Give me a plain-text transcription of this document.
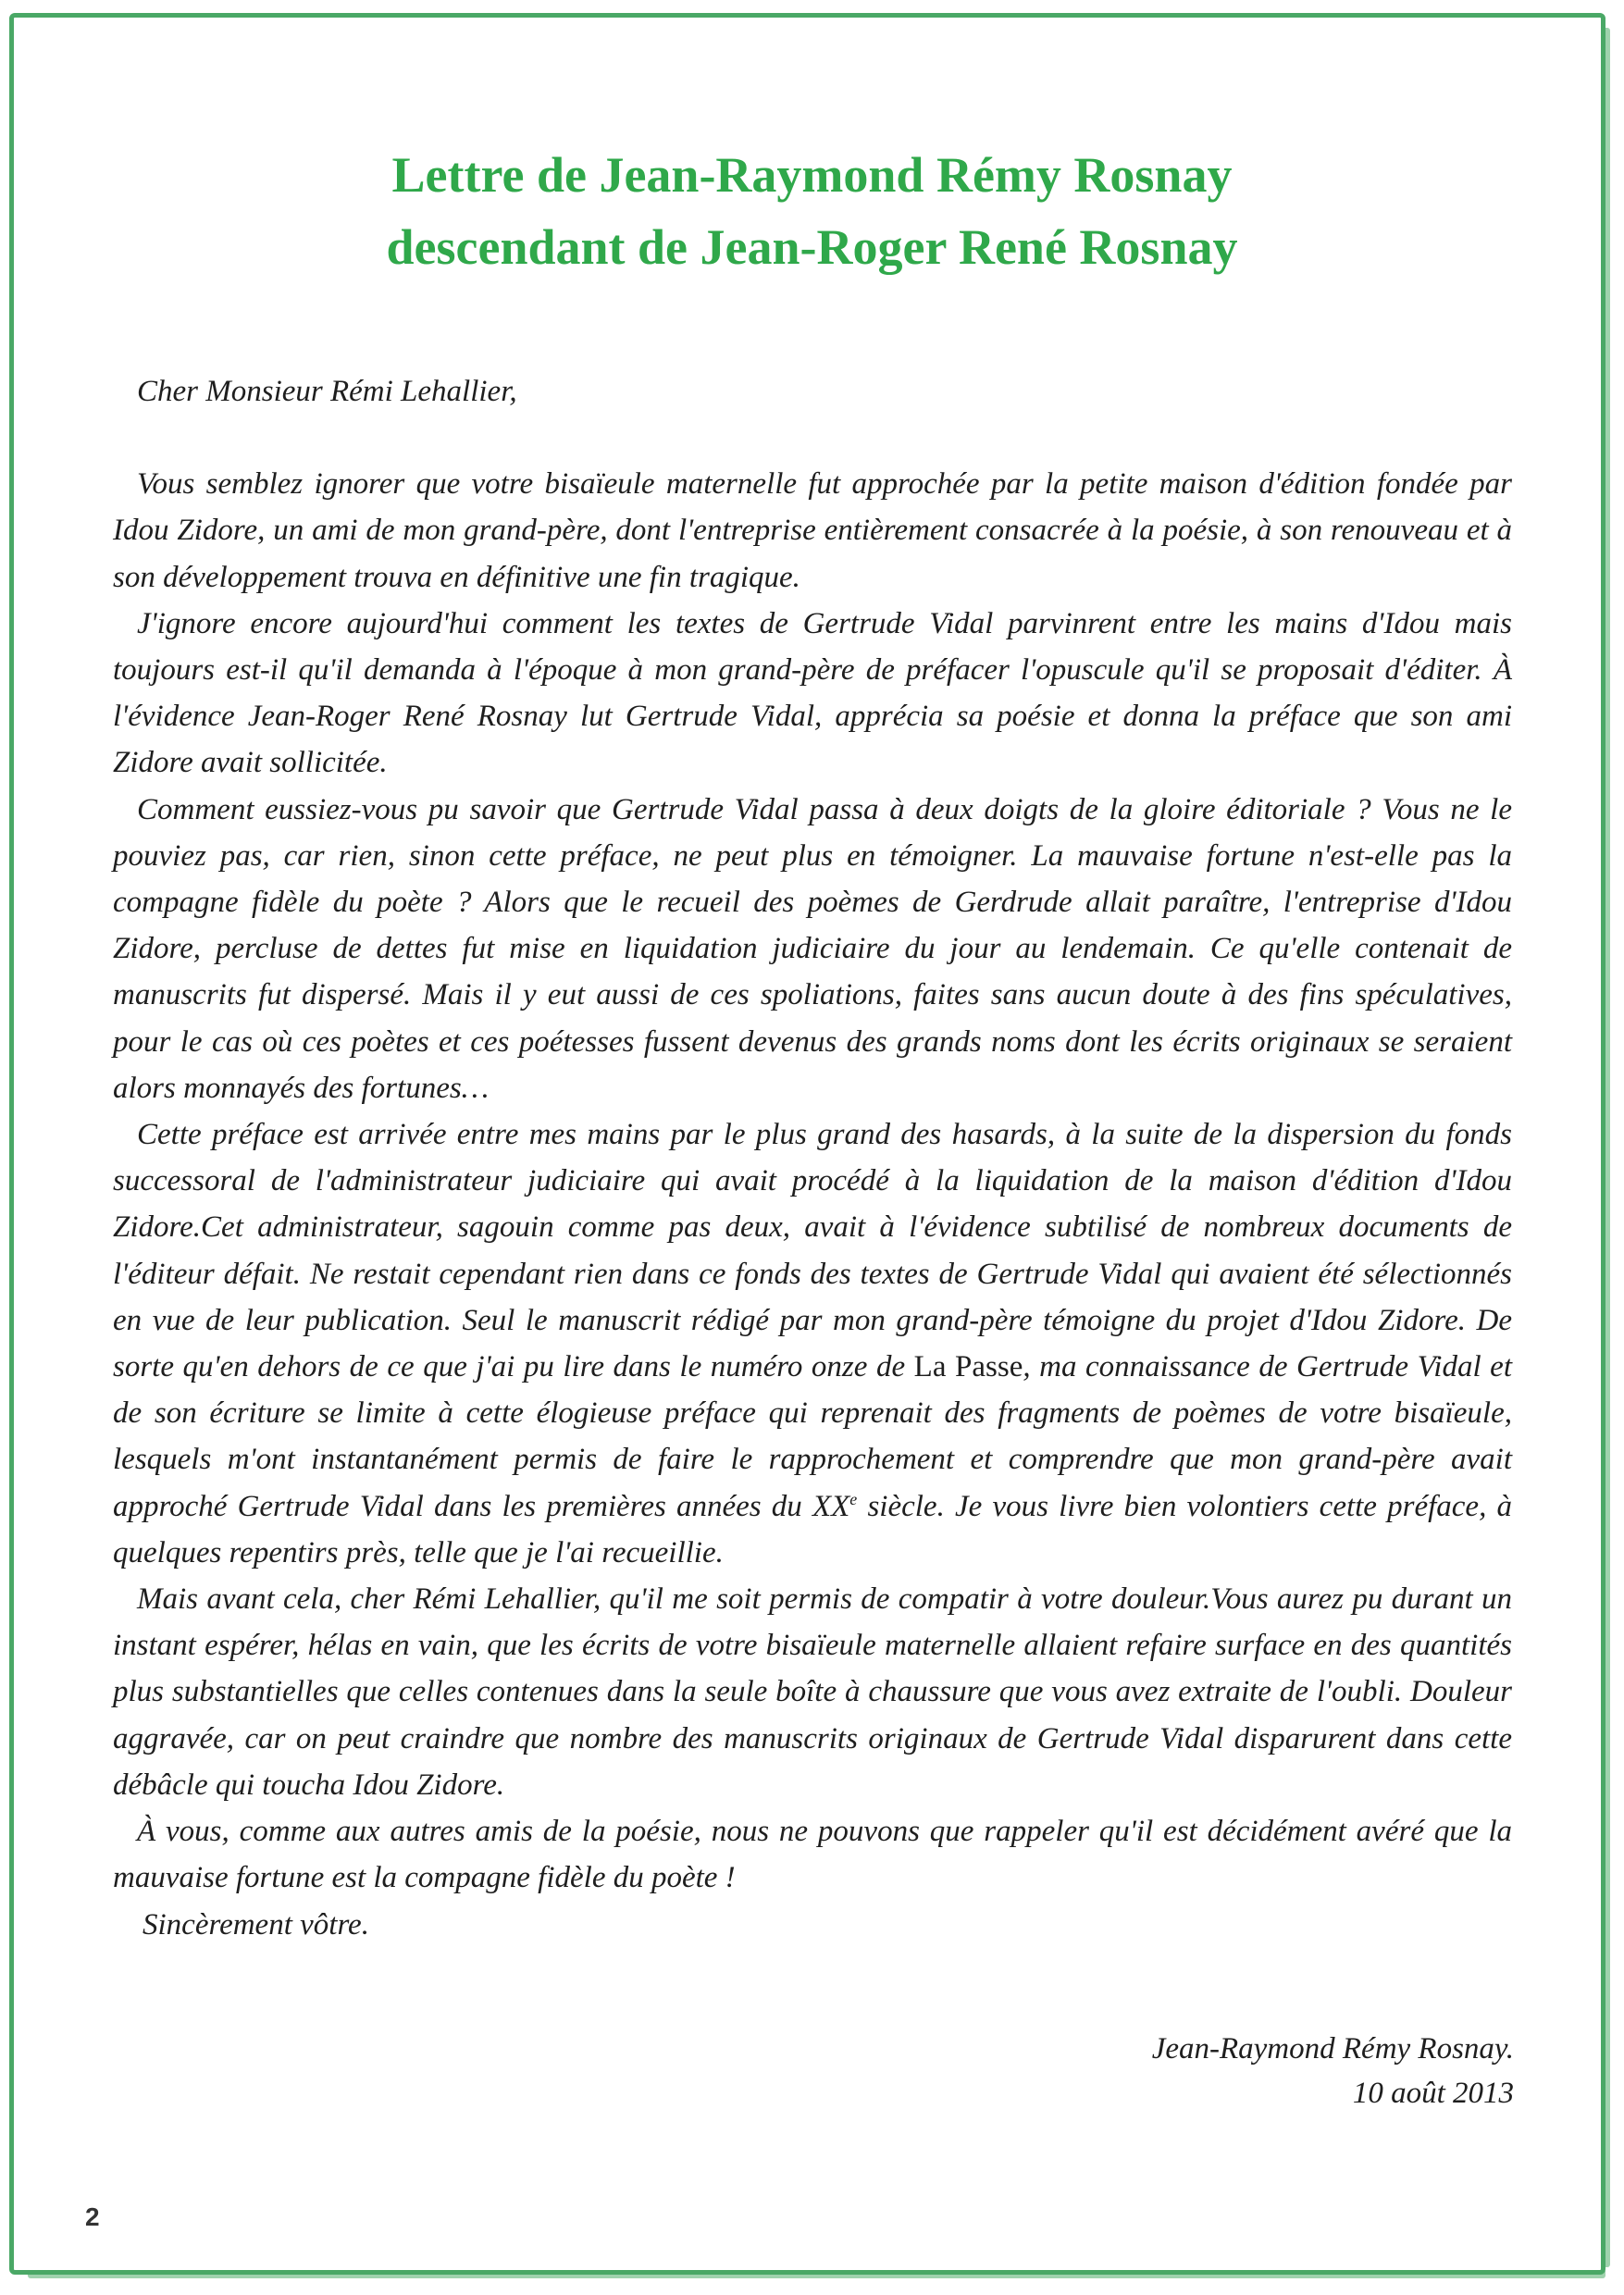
Lettre de Jean-Raymond Rémy Rosnay
descendant de Jean-Roger René Rosnay

Cher Monsieur Rémi Lehallier,

Vous semblez ignorer que votre bisaïeule maternelle fut approchée par la petite maison d'édition fondée par Idou Zidore, un ami de mon grand-père, dont l'entreprise entièrement consacrée à la poésie, à son renouveau et à son développement trouva en définitive une fin tragique.

J'ignore encore aujourd'hui comment les textes de Gertrude Vidal parvinrent entre les mains d'Idou mais toujours est-il qu'il demanda à l'époque à mon grand-père de préfacer l'opuscule qu'il se proposait d'éditer. À l'évidence Jean-Roger René Rosnay lut Gertrude Vidal, apprécia sa poésie et donna la préface que son ami Zidore avait sollicitée.

Comment eussiez-vous pu savoir que Gertrude Vidal passa à deux doigts de la gloire éditoriale ? Vous ne le pouviez pas, car rien, sinon cette préface, ne peut plus en témoigner. La mauvaise fortune n'est-elle pas la compagne fidèle du poète ? Alors que le recueil des poèmes de Gerdrude allait paraître, l'entreprise d'Idou Zidore, percluse de dettes fut mise en liquidation judiciaire du jour au lendemain. Ce qu'elle contenait de manuscrits fut dispersé. Mais il y eut aussi de ces spoliations, faites sans aucun doute à des fins spéculatives, pour le cas où ces poètes et ces poétesses fussent devenus des grands noms dont les écrits originaux se seraient alors monnayés des fortunes…

Cette préface est arrivée entre mes mains par le plus grand des hasards, à la suite de la dispersion du fonds successoral de l'administrateur judiciaire qui avait procédé à la liquidation de la maison d'édition d'Idou Zidore.Cet administrateur, sagouin comme pas deux, avait à l'évidence subtilisé de nombreux documents de l'éditeur défait. Ne restait cependant rien dans ce fonds des textes de Gertrude Vidal qui avaient été sélectionnés en vue de leur publication. Seul le manuscrit rédigé par mon grand-père témoigne du projet d'Idou Zidore. De sorte qu'en dehors de ce que j'ai pu lire dans le numéro onze de La Passe, ma connaissance de Gertrude Vidal et de son écriture se limite à cette élogieuse préface qui reprenait des fragments de poèmes de votre bisaïeule, lesquels m'ont instantanément permis de faire le rapprochement et comprendre que mon grand-père avait approché Gertrude Vidal dans les premières années du XXe siècle. Je vous livre bien volontiers cette préface, à quelques repentirs près, telle que je l'ai recueillie.

Mais avant cela, cher Rémi Lehallier, qu'il me soit permis de compatir à votre douleur.Vous aurez pu durant un instant espérer, hélas en vain, que les écrits de votre bisaïeule maternelle allaient refaire surface en des quantités plus substantielles que celles contenues dans la seule boîte à chaussure que vous avez extraite de l'oubli. Douleur aggravée, car on peut craindre que nombre des manuscrits originaux de Gertrude Vidal disparurent dans cette débâcle qui toucha Idou Zidore.

À vous, comme aux autres amis de la poésie, nous ne pouvons que rappeler qu'il est décidément avéré que la mauvaise fortune est la compagne fidèle du poète !

Sincèrement vôtre.

Jean-Raymond Rémy Rosnay.
10 août 2013
2
